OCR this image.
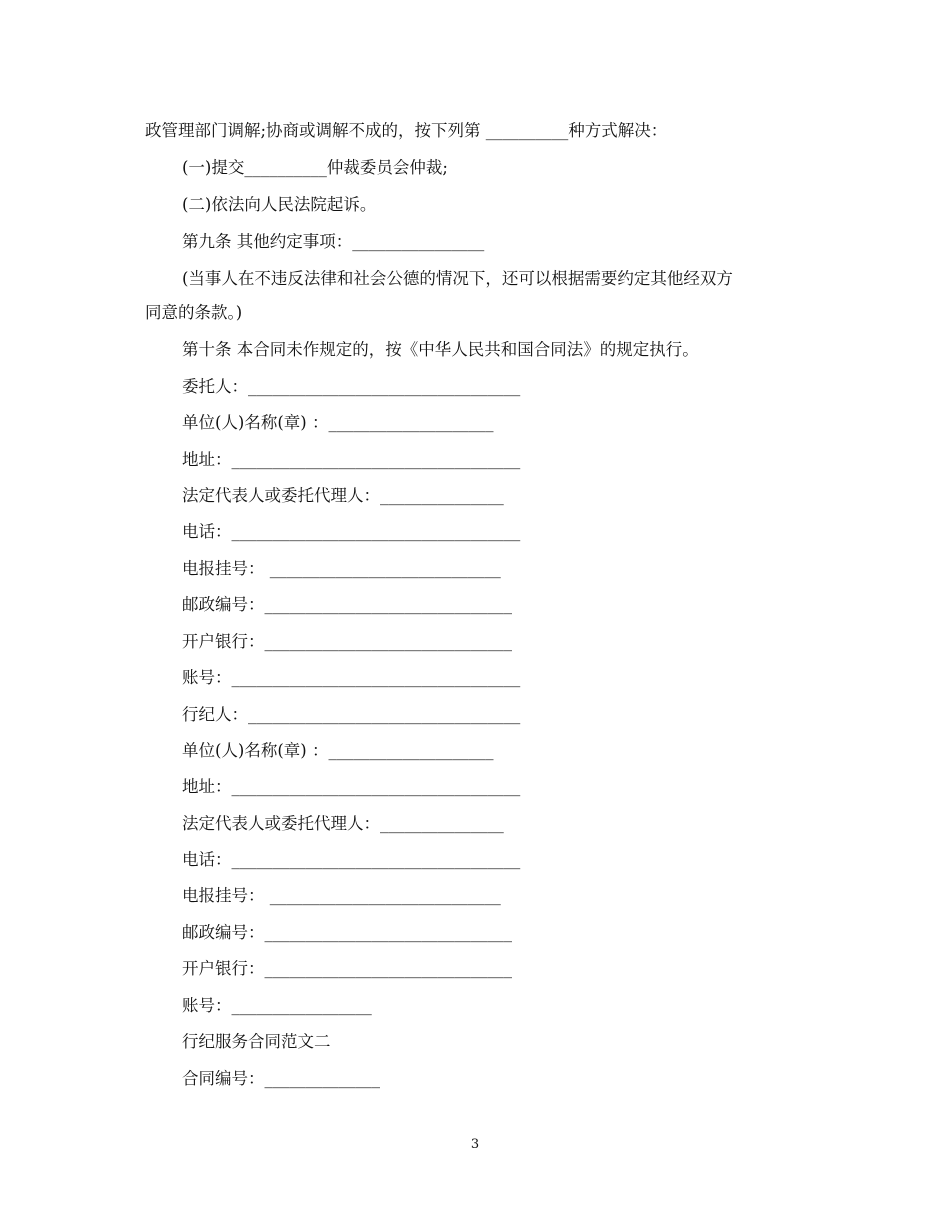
政管理部门调解;协商或调解不成的，按下列第 __________种方式解决：
(一)提交__________仲裁委员会仲裁;
(二)依法向人民法院起诉。
第九条 其他约定事项：________________
(当事人在不违反法律和社会公德的情况下，还可以根据需要约定其他经双方
同意的条款。)
第十条 本合同未作规定的，按《中华人民共和国合同法》的规定执行。
委托人：_________________________________
单位(人)名称(章) ：____________________
地址：___________________________________
法定代表人或委托代理人：_______________
电话：___________________________________
电报挂号： ____________________________
邮政编号：______________________________
开户银行：______________________________
账号：___________________________________
行纪人：_________________________________
单位(人)名称(章) ：____________________
地址：___________________________________
法定代表人或委托代理人：_______________
电话：___________________________________
电报挂号： ____________________________
邮政编号：______________________________
开户银行：______________________________
账号：_________________
行纪服务合同范文二
合同编号：______________
3
